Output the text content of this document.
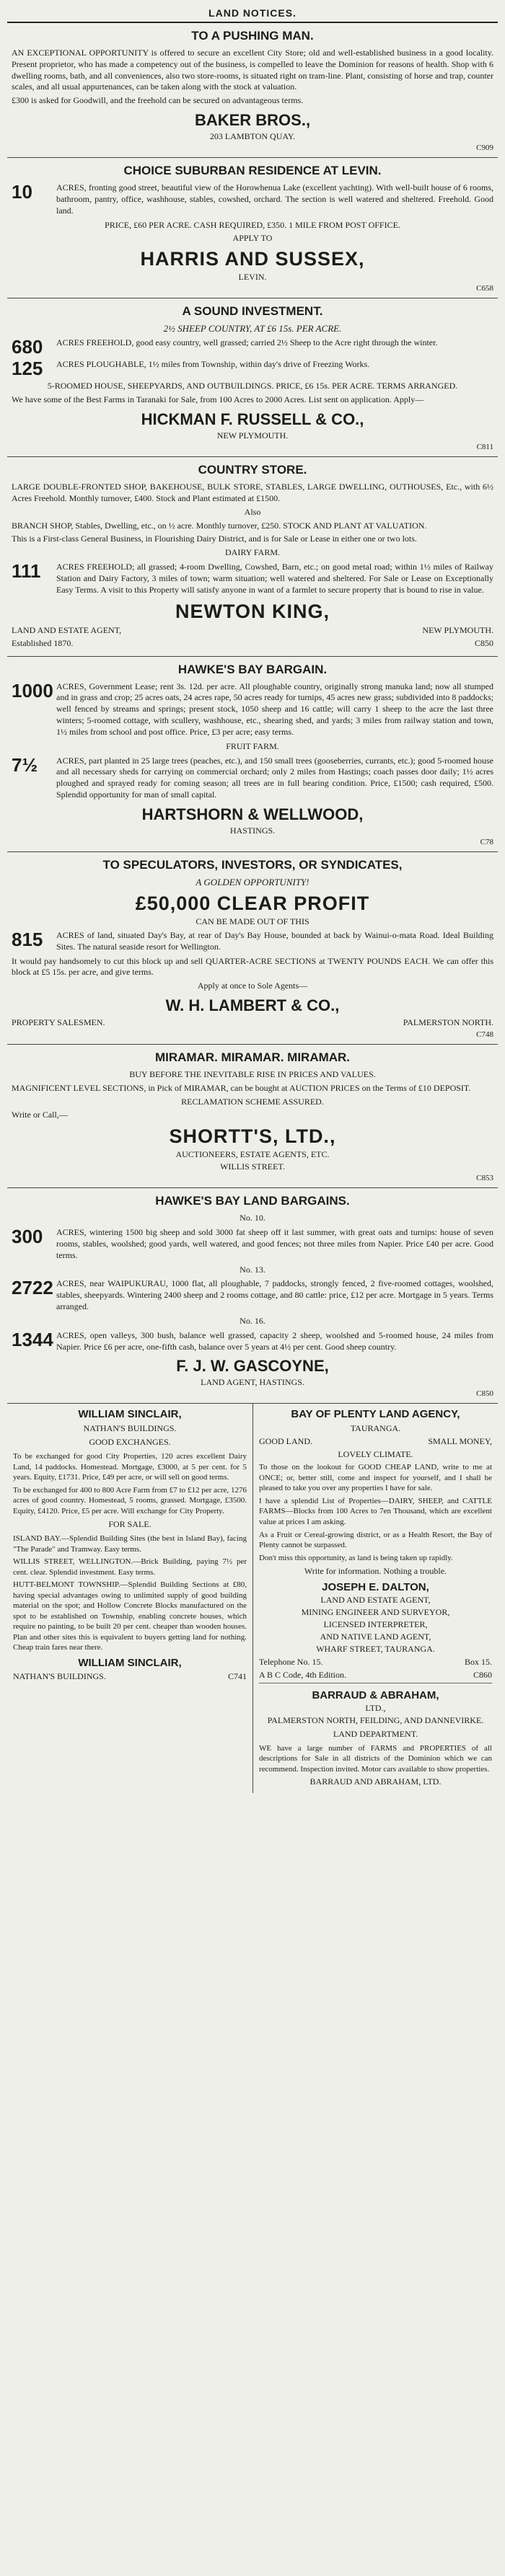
LAND NOTICES.
TO A PUSHING MAN.

AN EXCEPTIONAL OPPORTUNITY is offered to secure an excellent City Store; old and well-established business in a good locality. Present proprietor, who has made a competency out of the business, is compelled to leave the Dominion for reasons of health. Shop with 6 dwelling rooms, bath, and all conveniences, also two store-rooms, is situated right on tram-line. Plant, consisting of horse and trap, counter scales, and all usual appurtenances, can be taken along with the stock at valuation.

£300 is asked for Goodwill, and the freehold can be secured on advantageous terms.

BAKER BROS.,
203 LAMBTON QUAY.
C909
CHOICE SUBURBAN RESIDENCE AT LEVIN.
10	ACRES, fronting good street, beautiful view of the Horowhenua Lake (excellent yachting). With well-built house of 6 rooms, bathroom, pantry, office, washhouse, stables, cowshed, orchard. The section is well watered and sheltered. Freehold. Good land.

PRICE, £60 PER ACRE. CASH REQUIRED, £350. 1 MILE FROM POST OFFICE.

APPLY TO
HARRIS AND SUSSEX,
LEVIN.
C658
A SOUND INVESTMENT.
2½ SHEEP COUNTRY, AT £6 15s. PER ACRE.
680	ACRES FREEHOLD, good easy country, well grassed; carried 2½ Sheep to the Acre right through the winter.

125	ACRES PLOUGHABLE, 1½ miles from Township, within day's drive of Freezing Works.

5-ROOMED HOUSE, SHEEPYARDS, AND OUTBUILDINGS. PRICE, £6 15s. PER ACRE. TERMS ARRANGED.

We have some of the Best Farms in Taranaki for Sale, from 100 Acres to 2000 Acres. List sent on application. Apply—

HICKMAN F. RUSSELL & CO.,
NEW PLYMOUTH.
C811
COUNTRY STORE.

LARGE DOUBLE-FRONTED SHOP, BAKEHOUSE, BULK STORE, STABLES, LARGE DWELLING, OUTHOUSES, Etc., with 6½ Acres Freehold. Monthly turnover, £400. Stock and Plant estimated at £1500.

Also

BRANCH SHOP, Stables, Dwelling, etc., on ½ acre. Monthly turnover, £250. STOCK AND PLANT AT VALUATION.

This is a First-class General Business, in Flourishing Dairy District, and is for Sale or Lease in either one or two lots.

DAIRY FARM.

111	ACRES FREEHOLD; all grassed; 4-room Dwelling, Cowshed, Barn, etc.; on good metal road; within 1½ miles of Railway Station and Dairy Factory, 3 miles of town; warm situation; well watered and sheltered. For Sale or Lease on Exceptionally Easy Terms. A visit to this Property will satisfy anyone in want of a farmlet to secure property that is bound to rise in value.

NEWTON KING,
LAND AND ESTATE AGENT,	NEW PLYMOUTH.
Established 1870.	C850
HAWKE'S BAY BARGAIN.
1000 ACRES, Government Lease; rent 3s. 12d. per acre. All ploughable country, originally strong manuka land; now all stumped and in grass and crop; 25 acres oats, 24 acres rape, 50 acres ready for turnips, 45 acres new grass; subdivided into 8 paddocks; well fenced by streams and springs; present stock, 1050 sheep and 16 cattle; will carry 1 sheep to the acre the last three winters; 5-roomed cottage, with scullery, washhouse, etc., shearing shed, and yards; 3 miles from railway station and town, 1½ miles from school and post office. Price, £3 per acre; easy terms.

FRUIT FARM.

7½	ACRES, part planted in 25 large trees (peaches, etc.), and 150 small trees (gooseberries, currants, etc.); good 5-roomed house and all necessary sheds for carrying on commercial orchard; only 2 miles from Hastings; coach passes door daily; 1½ acres ploughed and sprayed ready for coming season; all trees are in full bearing condition. Price, £1500; cash required, £500. Splendid opportunity for man of small capital.

HARTSHORN & WELLWOOD,
HASTINGS.
C78
TO SPECULATORS, INVESTORS, OR SYNDICATES,
A GOLDEN OPPORTUNITY!
£50,000 CLEAR PROFIT
CAN BE MADE OUT OF THIS
815	ACRES of land, situated Day's Bay, at rear of Day's Bay House, bounded at back by Wainui-o-mata Road. Ideal Building Sites. The natural seaside resort for Wellington.

It would pay handsomely to cut this block up and sell QUARTER-ACRE SECTIONS at TWENTY POUNDS EACH. We can offer this block at £5 15s. per acre, and give terms.

Apply at once to Sole Agents—

W. H. LAMBERT & CO.,
PROPERTY SALESMEN.	PALMERSTON NORTH.
C748
MIRAMAR. MIRAMAR. MIRAMAR.

BUY BEFORE THE INEVITABLE RISE IN PRICES AND VALUES.

MAGNIFICENT LEVEL SECTIONS, in Pick of MIRAMAR, can be bought at AUCTION PRICES on the Terms of £10 DEPOSIT.

RECLAMATION SCHEME ASSURED.

Write or Call,—

SHORTT'S, LTD.,
AUCTIONEERS, ESTATE AGENTS, ETC.
WILLIS STREET.
C853
HAWKE'S BAY LAND BARGAINS.

No. 10.

300	ACRES, wintering 1500 big sheep and sold 3000 fat sheep off it last summer, with great oats and turnips: house of seven rooms, stables, woolshed; good yards, well watered, and good fences; not three miles from Napier. Price £40 per acre. Good terms.

No. 13.

2722 ACRES, near WAIPUKURAU, 1000 flat, all ploughable, 7 paddocks, strongly fenced, 2 five-roomed cottages, woolshed, stables, sheepyards. Wintering 2400 sheep and 2 rooms cottage, and 80 cattle: price, £12 per acre. Mortgage in 5 years. Terms arranged.

No. 16.

1344 ACRES, open valleys, 300 bush, balance well grassed, capacity 2 sheep, woolshed and 5-roomed house, 24 miles from Napier. Price £6 per acre, one-fifth cash, balance over 5 years at 4½ per cent. Good sheep country.

F. J. W. GASCOYNE,
LAND AGENT, HASTINGS.
C850
WILLIAM SINCLAIR,
NATHAN'S BUILDINGS.

GOOD EXCHANGES.

To be exchanged for good City Properties, 120 acres excellent Dairy Land, 14 paddocks. Homestead. Mortgage, £3000, at 5 per cent. for 5 years. Equity, £1731. Price, £49 per acre, or will sell on good terms.

To be exchanged for 400 to 800 Acre Farm from £7 to £12 per acre, 1276 acres of good country. Homestead, 5 rooms, grassed. Mortgage, £3500. Equity, £4120. Price, £5 per acre. Will exchange for City Property.

FOR SALE.

ISLAND BAY.—Splendid Building Sites (the best in Island Bay), facing "The Parade" and Tramway. Easy terms.

WILLIS STREET, WELLINGTON.—Brick Building, paying 7½ per cent. clear. Splendid investment. Easy terms.

HUTT-BELMONT TOWNSHIP.—Splendid Building Sections at £80, having special advantages owing to unlimited supply of good building material on the spot; and Hollow Concrete Blocks manufactured on the spot to be established on Township, enabling concrete houses, which require no painting, to be built 20 per cent. cheaper than wooden houses. Plan and other sites this is equivalent to buyers getting land for nothing. Cheap train fares near there.

WILLIAM SINCLAIR,
NATHAN'S BUILDINGS.	C741
BAY OF PLENTY LAND AGENCY,
TAURANGA.
GOOD LAND.	SMALL MONEY,
LOVELY CLIMATE.

To those on the lookout for GOOD CHEAP LAND, write to me at ONCE; or, better still, come and inspect for yourself, and I shall be pleased to take you over any properties I have for sale.

I have a splendid List of Properties—DAIRY, SHEEP, and CATTLE FARMS—Blocks from 100 Acres to 7en Thousand, which are excellent value at prices I am asking.

As a Fruit or Cereal-growing district, or as a Health Resort, the Bay of Plenty cannot be surpassed.

Don't miss this opportunity, as land is being taken up rapidly.

Write for information. Nothing a trouble.

JOSEPH E. DALTON,
LAND AND ESTATE AGENT,
MINING ENGINEER AND SURVEYOR,
LICENSED INTERPRETER,
AND NATIVE LAND AGENT,
WHARF STREET, TAURANGA.
Telephone No. 15.	Box 15.
A B C Code, 4th Edition.	C860
BARRAUD & ABRAHAM,
LTD.,
PALMERSTON NORTH, FEILDING, AND DANNEVIRKE.

LAND DEPARTMENT.

WE have a large number of FARMS and PROPERTIES of all descriptions for Sale in all districts of the Dominion which we can recommend. Inspection invited. Motor cars available to show properties.

BARRAUD AND ABRAHAM, LTD.
